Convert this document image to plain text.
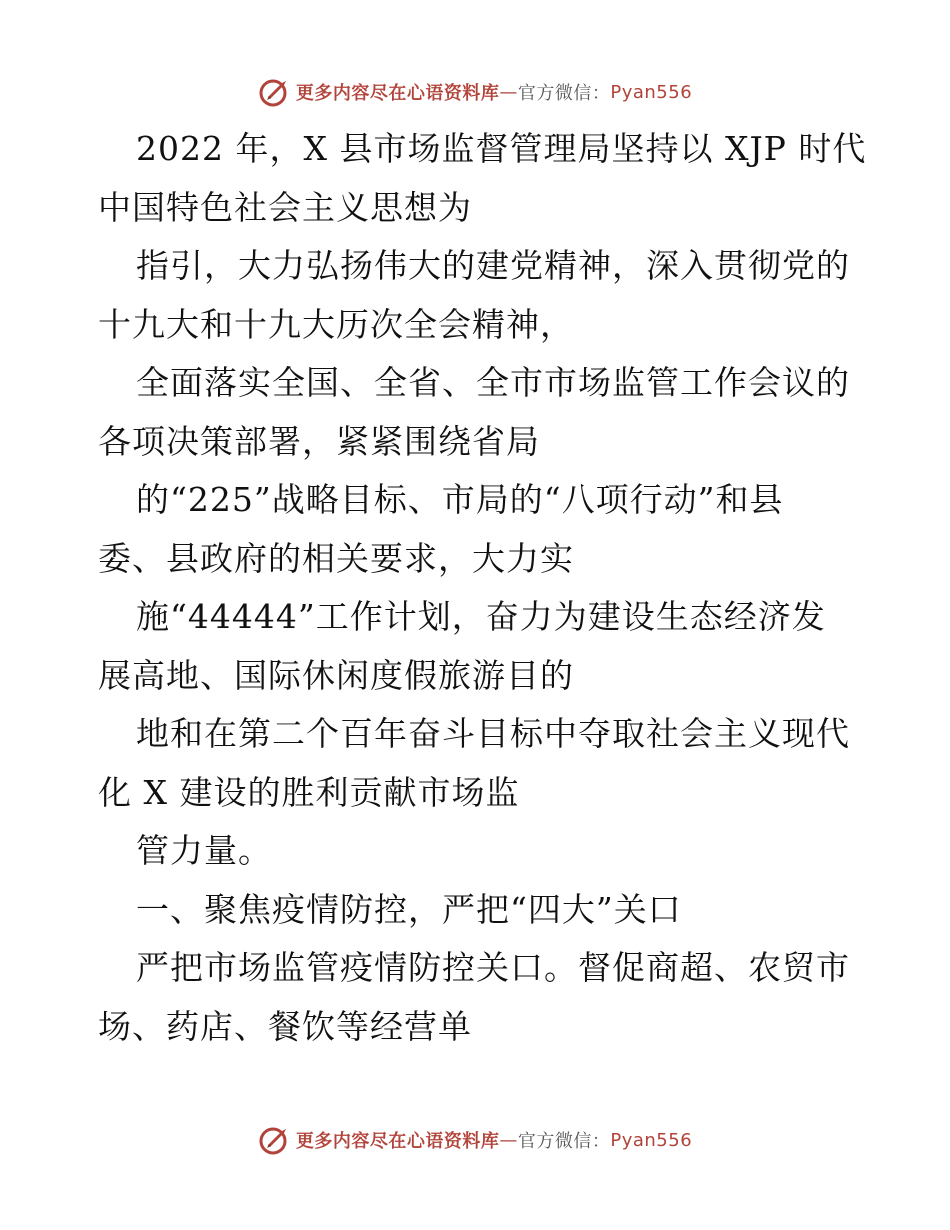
更多内容尽在心语资料库 — 官方微信： Pyan556
2022 年，X 县市场监督管理局坚持以 XJP 时代
中国特色社会主义思想为
指引，大力弘扬伟大的建党精神，深入贯彻党的
十九大和十九大历次全会精神，
全面落实全国、全省、全市市场监管工作会议的
各项决策部署，紧紧围绕省局
的“225”战略目标、市局的“八项行动”和县
委、县政府的相关要求，大力实
施“44444”工作计划，奋力为建设生态经济发
展高地、国际休闲度假旅游目的
地和在第二个百年奋斗目标中夺取社会主义现代
化 X 建设的胜利贡献市场监
管力量。
一、聚焦疫情防控，严把“四大”关口
严把市场监管疫情防控关口。督促商超、农贸市
场、药店、餐饮等经营单
更多内容尽在心语资料库 — 官方微信： Pyan556
